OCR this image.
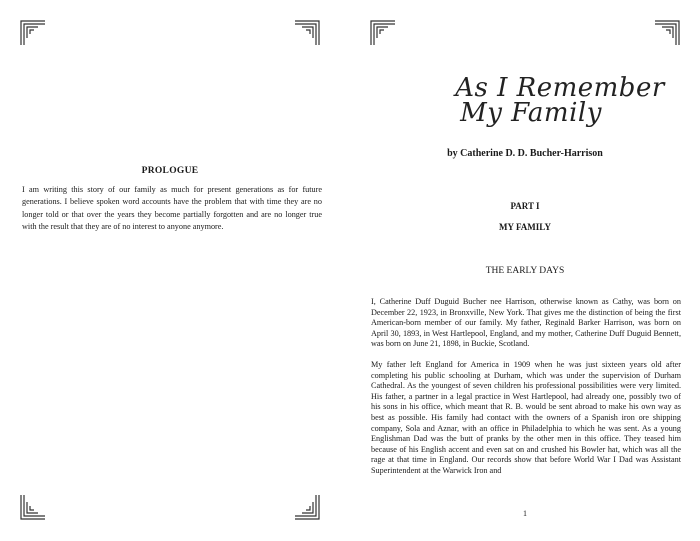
PROLOGUE
I am writing this story of our family as much for present generations as for future generations. I believe spoken word accounts have the problem that with time they are no longer told or that over the years they become partially forgotten and are no longer true with the result that they are of no interest to anyone anymore.
As I Remember
My Family
by Catherine D. D. Bucher-Harrison
PART I
MY FAMILY
THE EARLY DAYS

I, Catherine Duff Duguid Bucher nee Harrison, otherwise known as Cathy, was born on December 22, 1923, in Bronxville, New York. That gives me the distinction of being the first American-born member of our family. My father, Reginald Barker Harrison, was born on April 30, 1893, in West Hartlepool, England, and my mother, Catherine Duff Duguid Bennett, was born on June 21, 1898, in Buckie, Scotland.

My father left England for America in 1909 when he was just sixteen years old after completing his public schooling at Durham, which was under the supervision of Durham Cathedral. As the youngest of seven children his professional possibilities were very limited. His father, a partner in a legal practice in West Hartlepool, had already one, possibly two of his sons in his office, which meant that R. B. would be sent abroad to make his own way as best as possible. His family had contact with the owners of a Spanish iron ore shipping company, Sola and Aznar, with an office in Philadelphia to which he was sent. As a young Englishman Dad was the butt of pranks by the other men in this office. They teased him because of his English accent and even sat on and crushed his Bowler hat, which was all the rage at that time in England. Our records show that before World War I Dad was Assistant Superintendent at the Warwick Iron and

1
